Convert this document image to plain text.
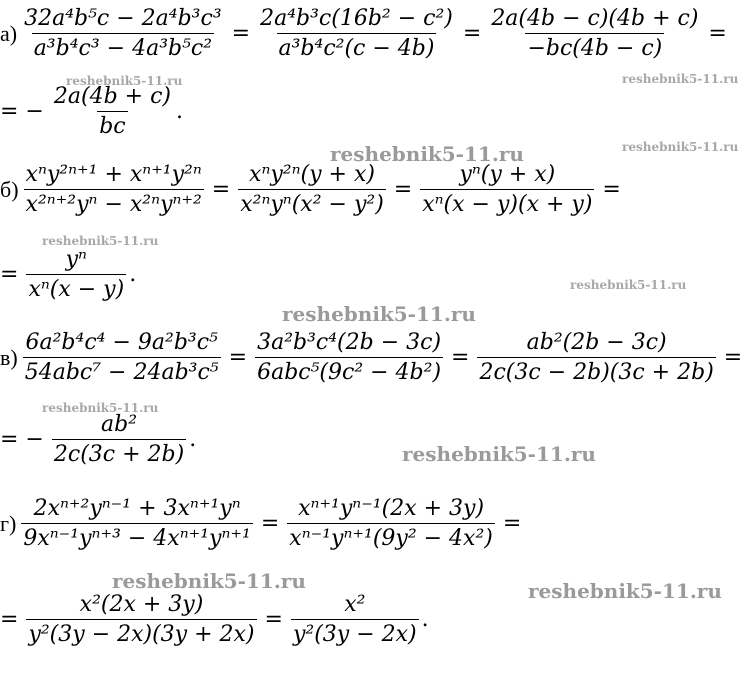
reshebnik5-11.ru	reshebnik5-11.ru
reshebnik5-11.ru
reshebnik5-11.ru
reshebnik5-11.ru
reshebnik5-11.ru
reshebnik5-11.ru
reshebnik5-11.ru
reshebnik5-11.ru
reshebnik5-11.ru	reshebnik5-11.ru
$а) \frac{\text{32a⁴b⁵c − 2a⁴b³c³}}{\text{a³b⁴c³ − 4a³b⁵c²}} = \frac{\text{2a⁴b³c(16b² − c²)}}{\text{a³b⁴c²(c − 4b)}} = \frac{2a(4b - c)(4b + c)}{-bc(4b - c)}$ =
= − $\frac{2a(4b + c)}{bc}$ .
$б) \frac{\text{xⁿy²ⁿ⁺¹ + xⁿ⁺¹y²ⁿ}}{\text{x²ⁿ⁺²yⁿ − x²ⁿyⁿ⁺²}} = \frac{\text{xⁿy²ⁿ(y + x)}}{\text{x²ⁿyⁿ(x² − y²)}} = \frac{\text{yⁿ(y + x)}}{\text{xⁿ(x − y)(x + y)}}$ =
= $\frac{\text{yⁿ}}{\text{xⁿ(x − y)}}$ .
$в) \frac{\text{6a²b⁴c⁴ − 9a²b³c⁵}}{\text{54abc⁷ − 24ab³c⁵}} = \frac{\text{3a²b³c⁴(2b − 3c)}}{\text{6abc⁵(9c² − 4b²)}} = \frac{\text{ab²(2b − 3c)}}{2c(3c - 2b)(3c + 2b)}$ =
= − $\frac{\text{ab²}}{2c(3c + 2b)}$ .
$г) \frac{\text{2xⁿ⁺²yⁿ⁻¹ + 3xⁿ⁺¹yⁿ}}{\text{9xⁿ⁻¹yⁿ⁺³ − 4xⁿ⁺¹yⁿ⁺¹}} = \frac{\text{xⁿ⁺¹yⁿ⁻¹(2x + 3y)}}{\text{xⁿ⁻¹yⁿ⁺¹(9y² − 4x²)}}$ =
= $\frac{\text{x²(2x + 3y)}}{\text{y²(3y − 2x)(3y + 2x)}} = \frac{\text{x²}}{\text{y²(3y − 2x)}}$ .
